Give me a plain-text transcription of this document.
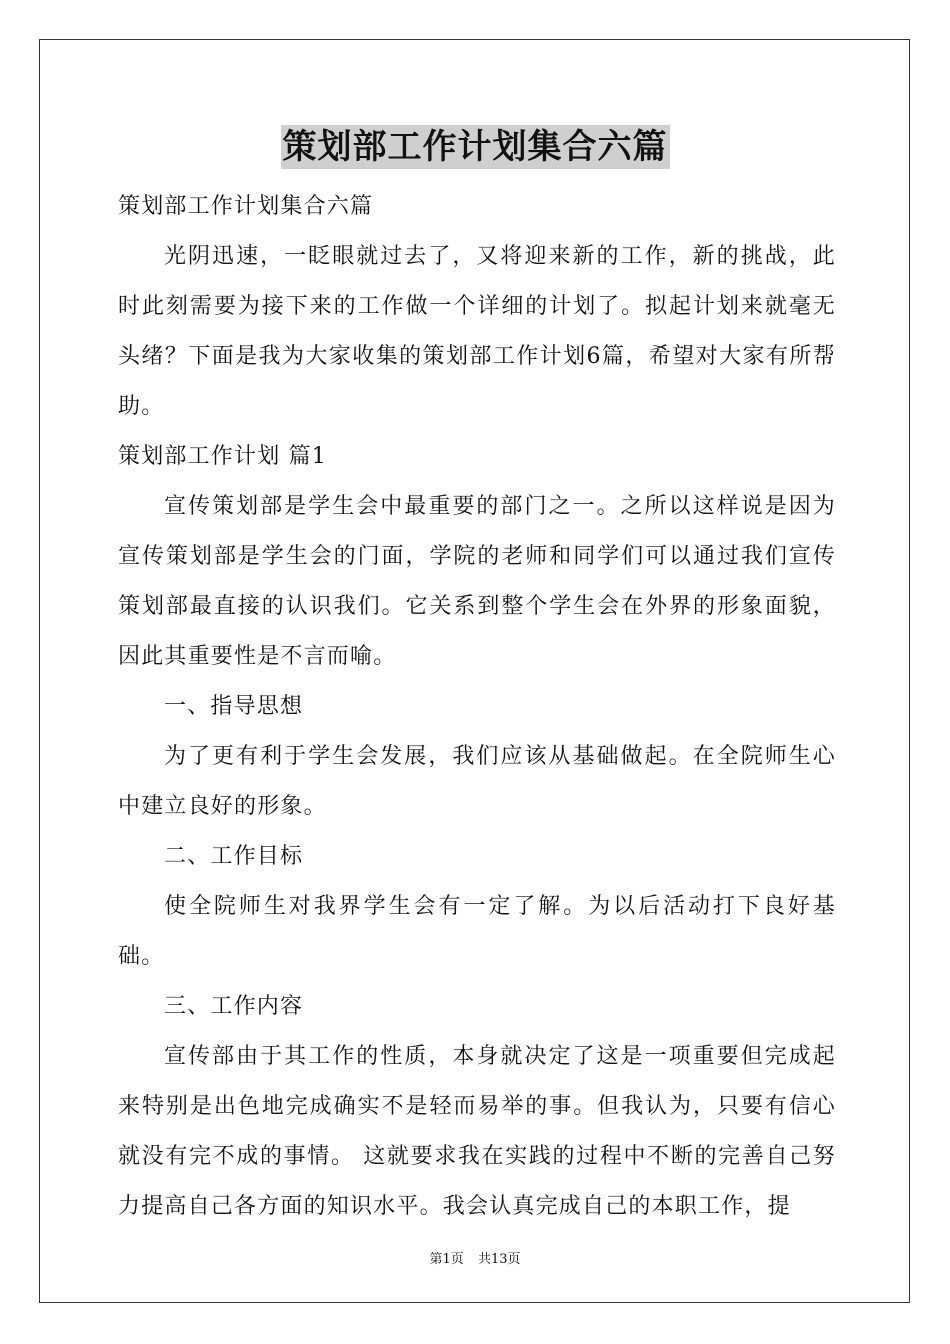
策划部工作计划集合六篇
策划部工作计划集合六篇

光阴迅速，一眨眼就过去了，又将迎来新的工作，新的挑战，此时此刻需要为接下来的工作做一个详细的计划了。拟起计划来就毫无头绪？下面是我为大家收集的策划部工作计划6篇，希望对大家有所帮助。

策划部工作计划 篇1

宣传策划部是学生会中最重要的部门之一。之所以这样说是因为宣传策划部是学生会的门面，学院的老师和同学们可以通过我们宣传策划部最直接的认识我们。它关系到整个学生会在外界的形象面貌，因此其重要性是不言而喻。

一、指导思想

为了更有利于学生会发展，我们应该从基础做起。在全院师生心中建立良好的形象。

二、工作目标

使全院师生对我界学生会有一定了解。为以后活动打下良好基础。

三、工作内容

宣传部由于其工作的性质，本身就决定了这是一项重要但完成起来特别是出色地完成确实不是轻而易举的事。但我认为，只要有信心就没有完不成的事情。 这就要求我在实践的过程中不断的完善自己努力提高自己各方面的知识水平。我会认真完成自己的本职工作，提

第1页 共13页
